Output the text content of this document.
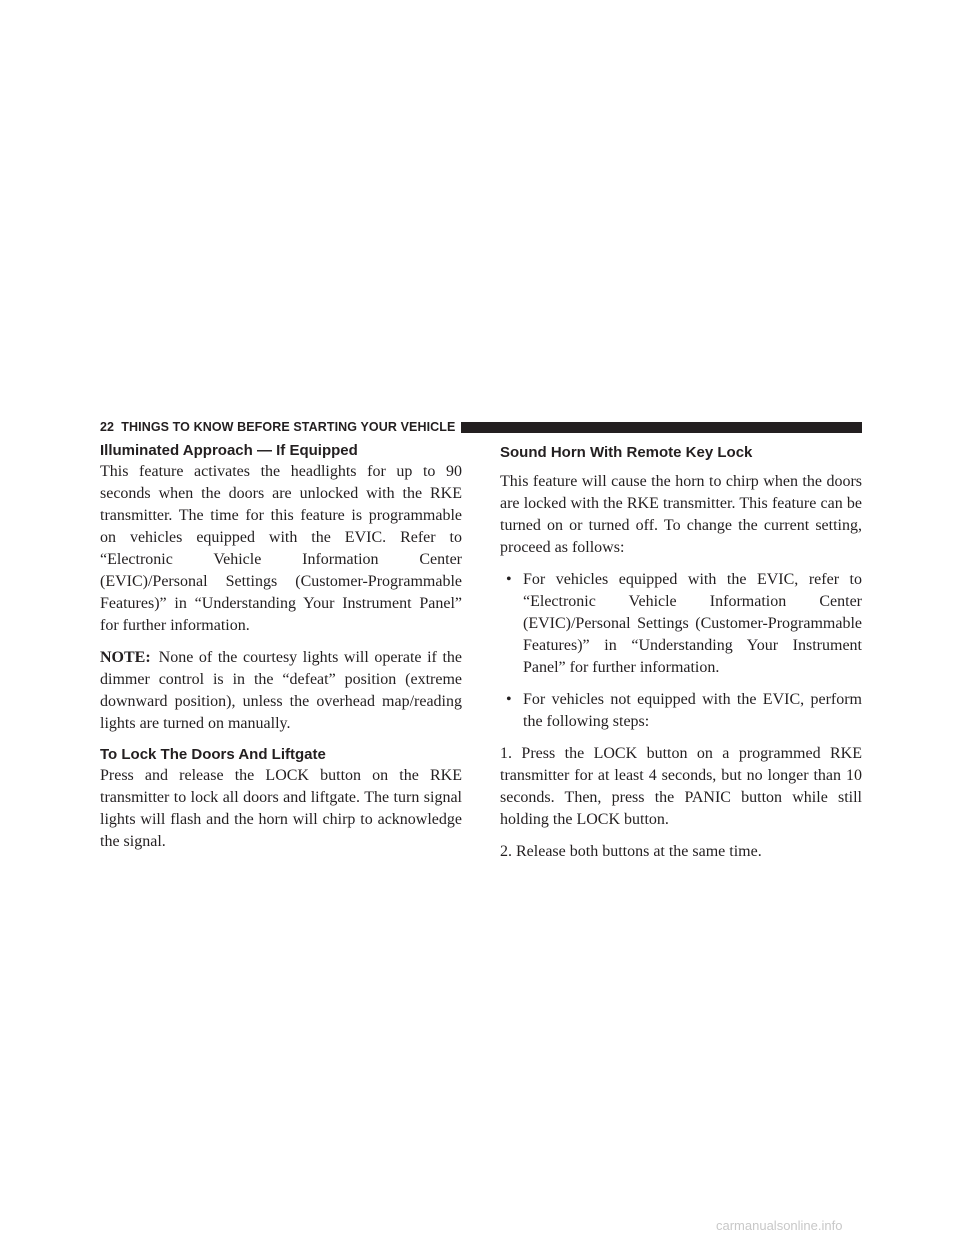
22 THINGS TO KNOW BEFORE STARTING YOUR VEHICLE
Illuminated Approach — If Equipped

This feature activates the headlights for up to 90 seconds when the doors are unlocked with the RKE transmitter. The time for this feature is programmable on vehicles equipped with the EVIC. Refer to “Electronic Vehicle Information Center (EVIC)/Personal Settings (Customer-Programmable Features)” in “Understanding Your Instrument Panel” for further information.

NOTE: None of the courtesy lights will operate if the dimmer control is in the “defeat” position (extreme downward position), unless the overhead map/reading lights are turned on manually.

To Lock The Doors And Liftgate

Press and release the LOCK button on the RKE transmitter to lock all doors and liftgate. The turn signal lights will flash and the horn will chirp to acknowledge the signal.

Sound Horn With Remote Key Lock

This feature will cause the horn to chirp when the doors are locked with the RKE transmitter. This feature can be turned on or turned off. To change the current setting, proceed as follows:

• For vehicles equipped with the EVIC, refer to “Electronic Vehicle Information Center (EVIC)/Personal Settings (Customer-Programmable Features)” in “Understanding Your Instrument Panel” for further information.
• For vehicles not equipped with the EVIC, perform the following steps:

1. Press the LOCK button on a programmed RKE transmitter for at least 4 seconds, but no longer than 10 seconds. Then, press the PANIC button while still holding the LOCK button.

2. Release both buttons at the same time.

carmanualsonline.info
